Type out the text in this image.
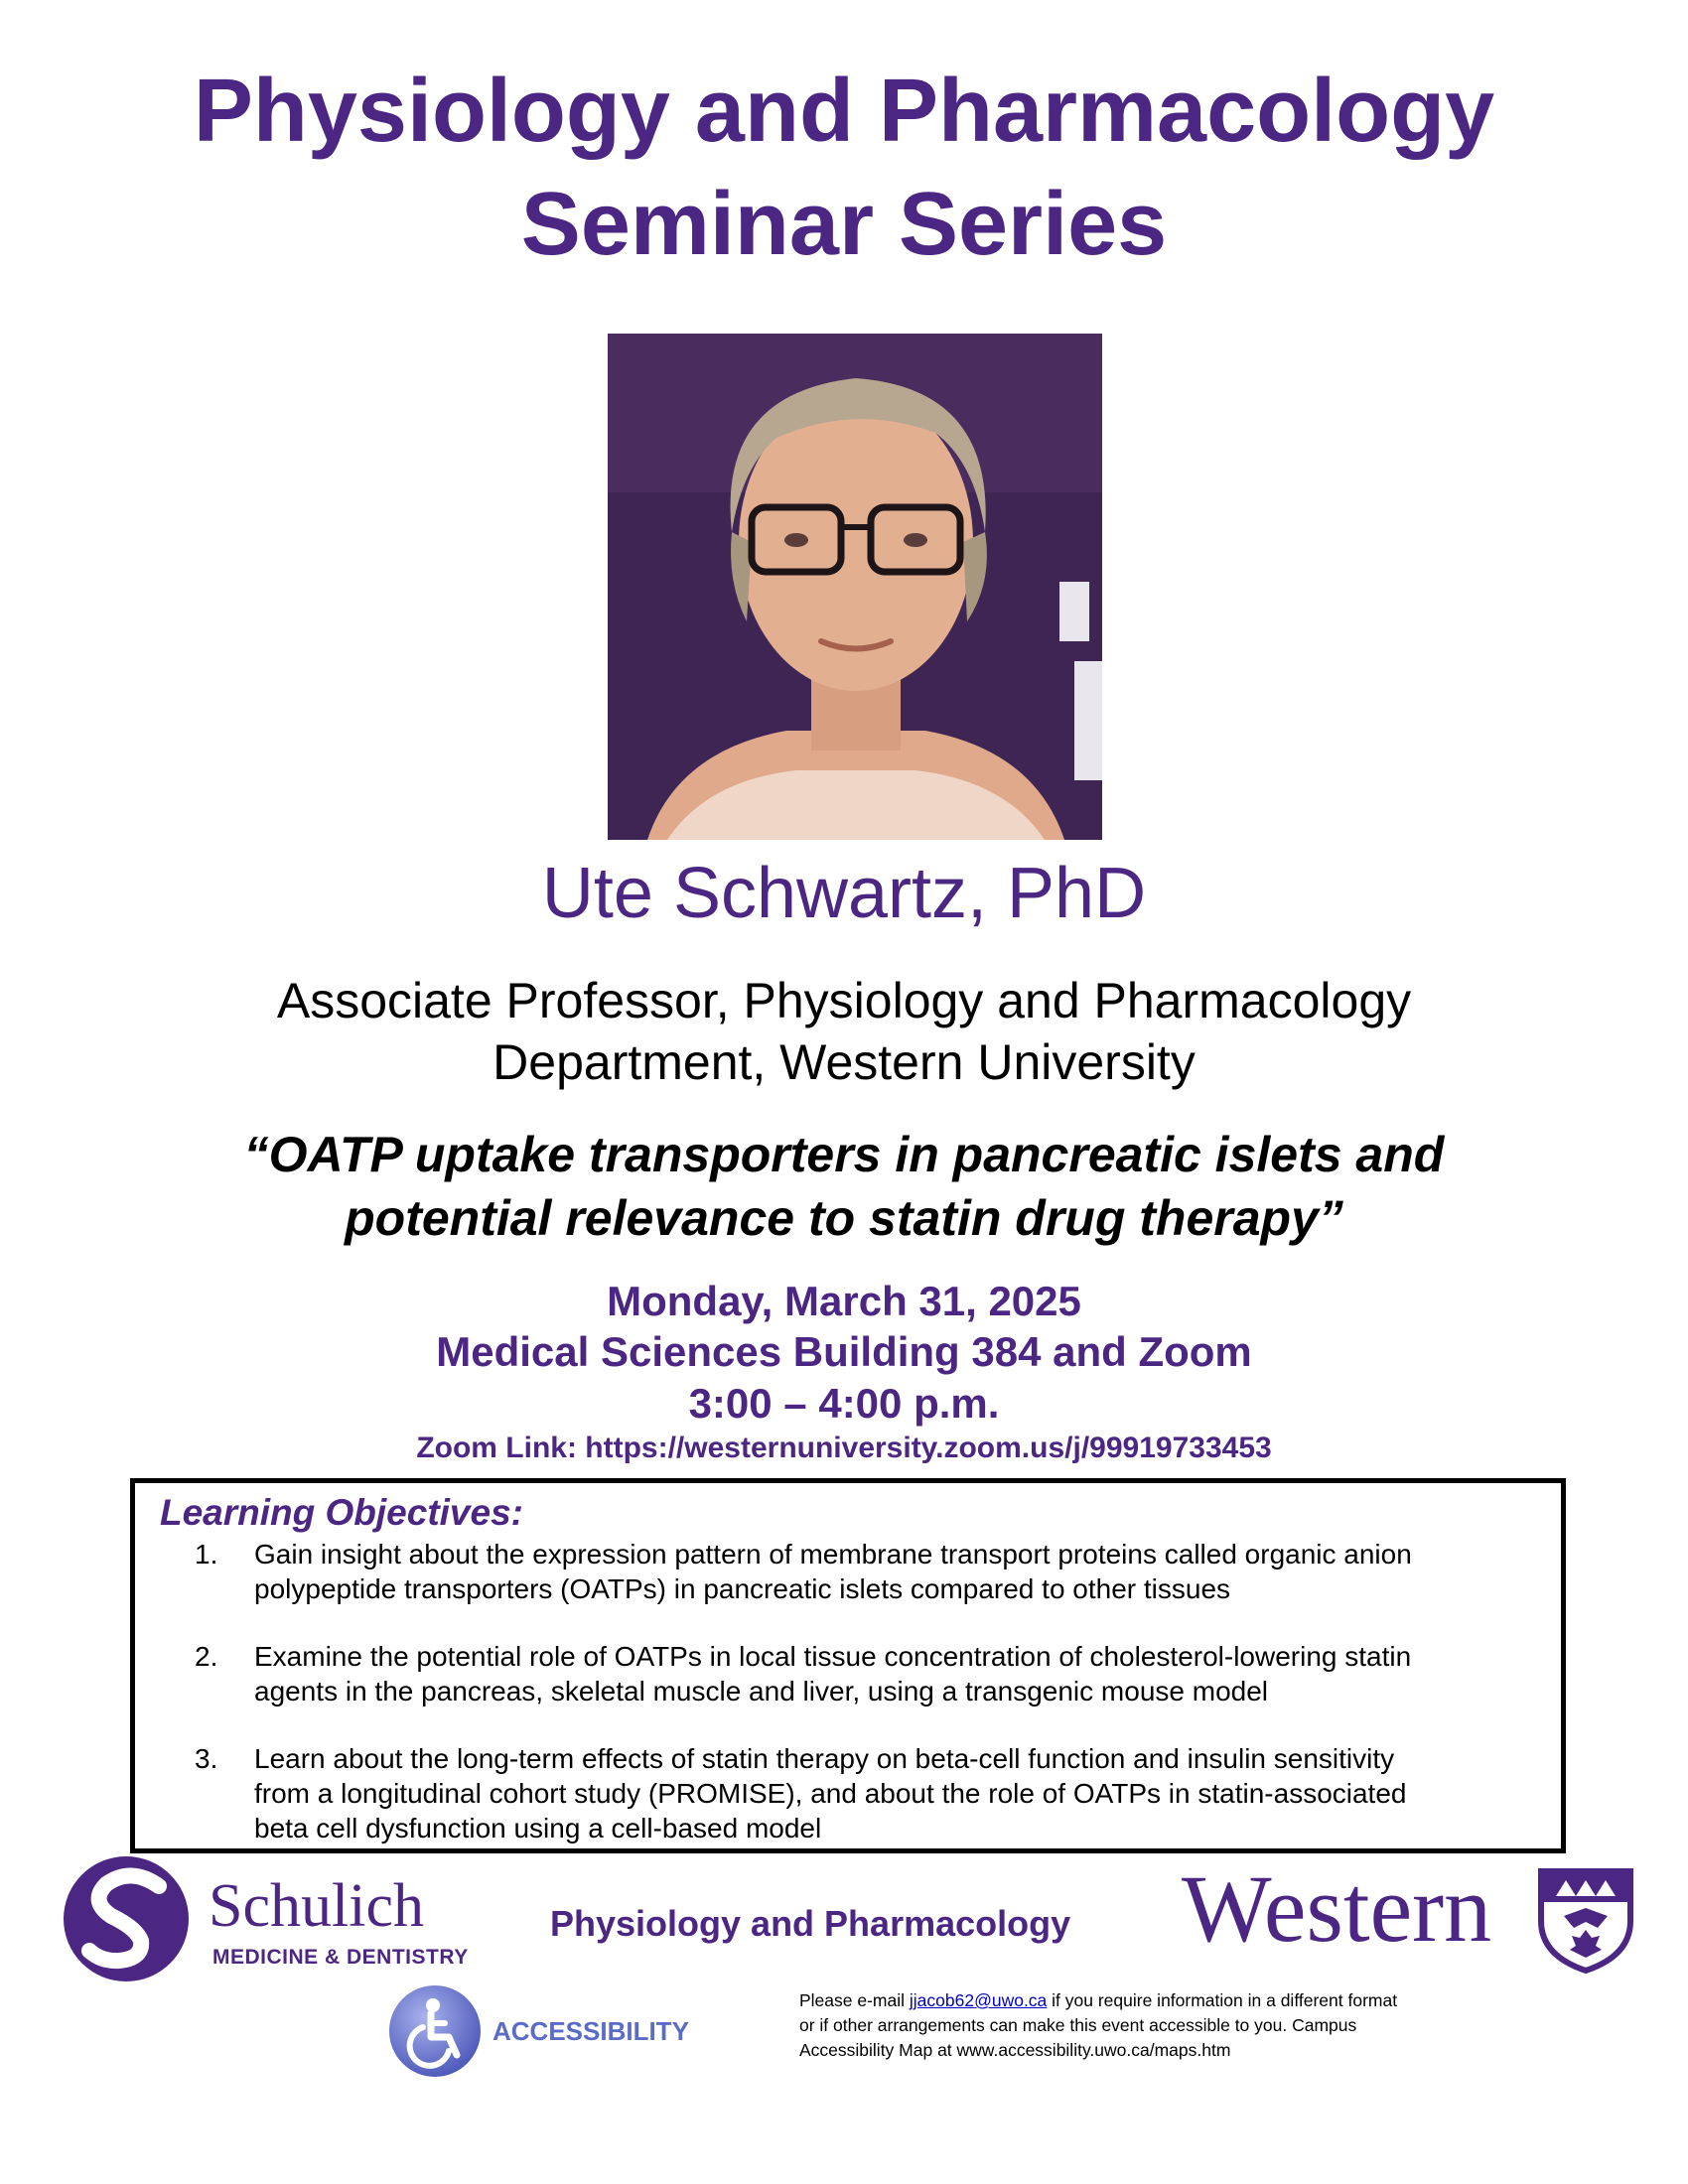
Physiology and Pharmacology
Seminar Series
Ute Schwartz, PhD
Associate Professor, Physiology and Pharmacology
Department, Western University
“OATP uptake transporters in pancreatic islets and
potential relevance to statin drug therapy”
Monday, March 31, 2025
Medical Sciences Building 384 and Zoom
3:00 – 4:00 p.m.
Zoom Link: https://westernuniversity.zoom.us/j/99919733453
Learning Objectives:
1.	Gain insight about the expression pattern of membrane transport proteins called organic anion
polypeptide transporters (OATPs) in pancreatic islets compared to other tissues
2.	Examine the potential role of OATPs in local tissue concentration of cholesterol-lowering statin
agents in the pancreas, skeletal muscle and liver, using a transgenic mouse model
3.	Learn about the long-term effects of statin therapy on beta-cell function and insulin sensitivity
from a longitudinal cohort study (PROMISE), and about the role of OATPs in statin-associated
beta cell dysfunction using a cell-based model
Schulich
MEDICINE & DENTISTRY
Physiology and Pharmacology Western
ACCESSIBILITY
Please e-mail jjacob62@uwo.ca if you require information in a different format
or if other arrangements can make this event accessible to you. Campus
Accessibility Map at www.accessibility.uwo.ca/maps.htm
